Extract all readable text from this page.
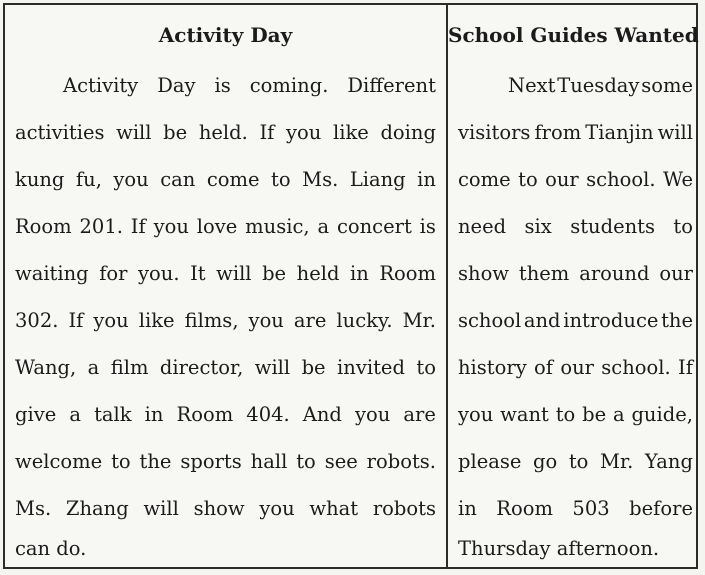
Activity Day
Activity Day is coming. Different
activities will be held. If you like doing
kung fu, you can come to Ms. Liang in
Room 201. If you love music, a concert is
waiting for you. It will be held in Room
302. If you like films, you are lucky. Mr.
Wang, a film director, will be invited to
give a talk in Room 404. And you are
welcome to the sports hall to see robots.
Ms. Zhang will show you what robots
can do.
School Guides Wanted
Next Tuesday some
visitors from Tianjin will
come to our school. We
need six students to
show them around our
school and introduce the
history of our school. If
you want to be a guide,
please go to Mr. Yang
in Room 503 before
Thursday afternoon.
